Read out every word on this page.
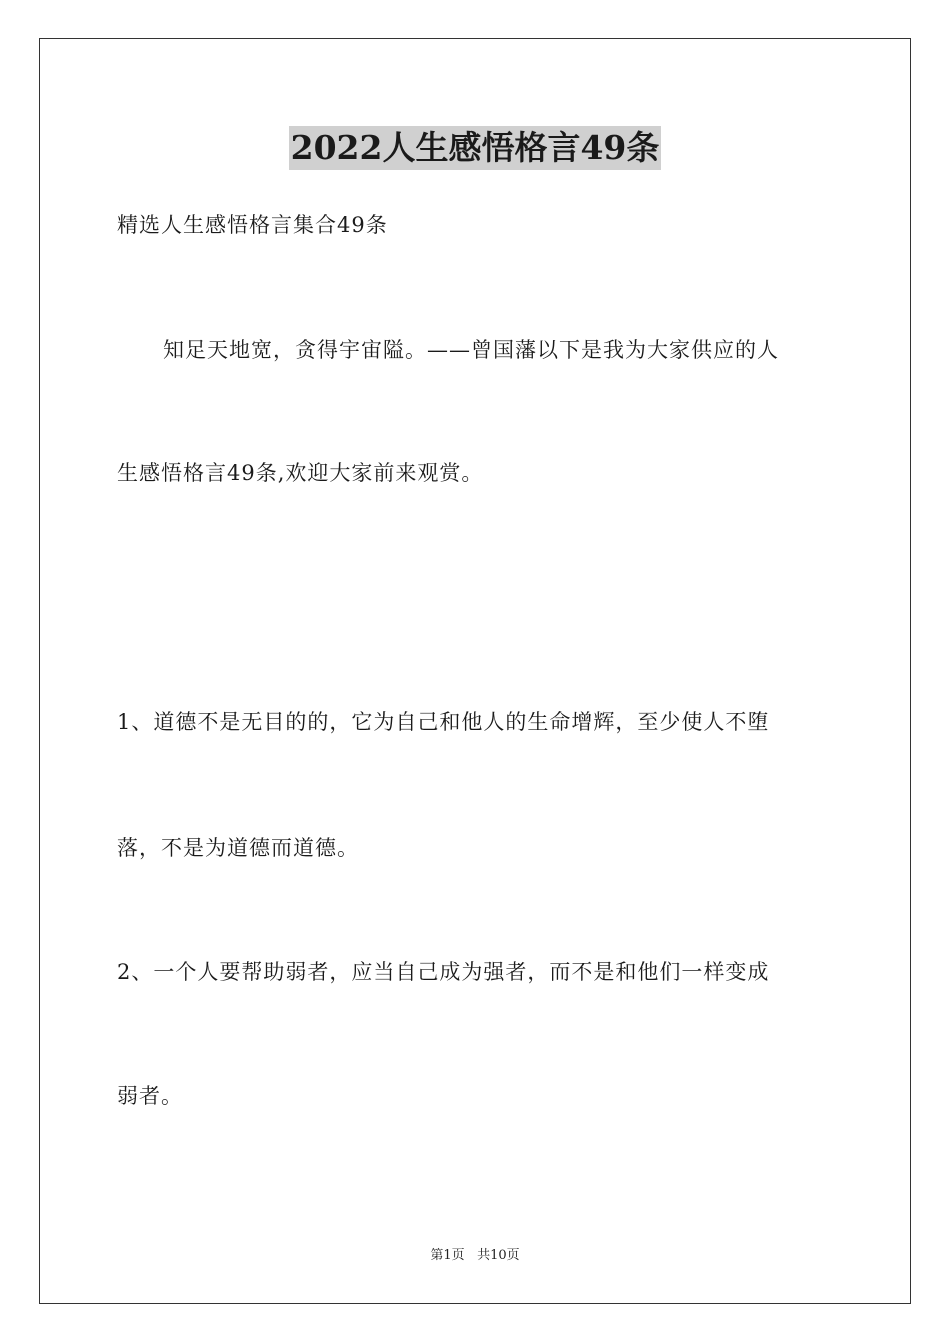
2022人生感悟格言49条
精选人生感悟格言集合49条
知足天地宽，贪得宇宙隘。——曾国藩以下是我为大家供应的人
生感悟格言49条,欢迎大家前来观赏。
1、道德不是无目的的，它为自己和他人的生命增辉，至少使人不堕
落，不是为道德而道德。
2、一个人要帮助弱者，应当自己成为强者，而不是和他们一样变成
弱者。
第1页 共10页
